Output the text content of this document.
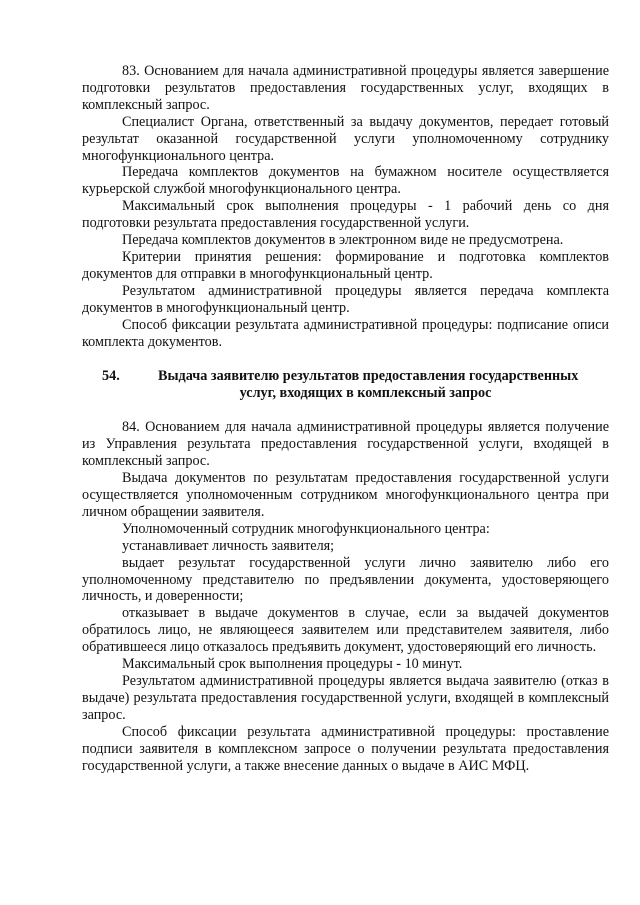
83. Основанием для начала административной процедуры является завершение подготовки результатов предоставления государственных услуг, входящих в комплексный запрос.

Специалист Органа, ответственный за выдачу документов, передает готовый результат оказанной государственной услуги уполномоченному сотруднику многофункционального центра.

Передача комплектов документов на бумажном носителе осуществляется курьерской службой многофункционального центра.

Максимальный срок выполнения процедуры - 1 рабочий день со дня подготовки результата предоставления государственной услуги.

Передача комплектов документов в электронном виде не предусмотрена.

Критерии принятия решения: формирование и подготовка комплектов документов для отправки в многофункциональный центр.

Результатом административной процедуры является передача комплекта документов в многофункциональный центр.

Способ фиксации результата административной процедуры: подписание описи комплекта документов.

54.	Выдача заявителю результатов предоставления государственных
услуг, входящих в комплексный запрос

84. Основанием для начала административной процедуры является получение из Управления результата предоставления государственной услуги, входящей в комплексный запрос.

Выдача документов по результатам предоставления государственной услуги осуществляется уполномоченным сотрудником многофункционального центра при личном обращении заявителя.

Уполномоченный сотрудник многофункционального центра:

устанавливает личность заявителя;

выдает результат государственной услуги лично заявителю либо его уполномоченному представителю по предъявлении документа, удостоверяющего личность, и доверенности;

отказывает в выдаче документов в случае, если за выдачей документов обратилось лицо, не являющееся заявителем или представителем заявителя, либо обратившееся лицо отказалось предъявить документ, удостоверяющий его личность.

Максимальный срок выполнения процедуры - 10 минут.

Результатом административной процедуры является выдача заявителю (отказ в выдаче) результата предоставления государственной услуги, входящей в комплексный запрос.

Способ фиксации результата административной процедуры: проставление подписи заявителя в комплексном запросе о получении результата предоставления государственной услуги, а также внесение данных о выдаче в АИС МФЦ.
